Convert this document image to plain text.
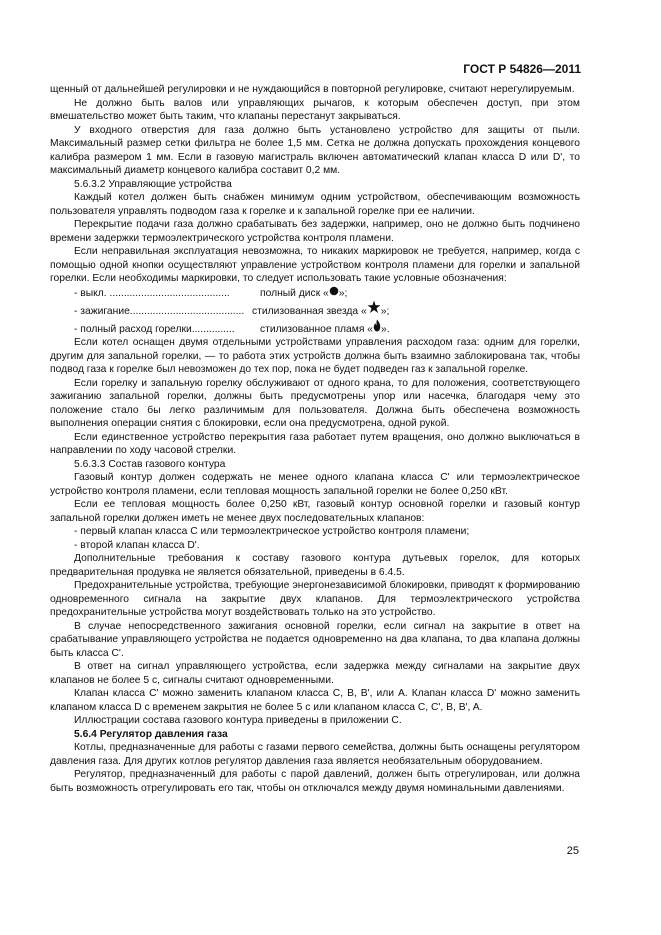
ГОСТ Р 54826—2011

щенный от дальнейшей регулировки и не нуждающийся в повторной регулировке, считают нерегулируемым.

Не должно быть валов или управляющих рычагов, к которым обеспечен доступ, при этом вмешательство может быть таким, что клапаны перестанут закрываться.

У входного отверстия для газа должно быть установлено устройство для защиты от пыли. Максимальный размер сетки фильтра не более 1,5 мм. Сетка не должна допускать прохождения концевого калибра размером 1 мм. Если в газовую магистраль включен автоматический клапан класса D или D', то максимальный диаметр концевого калибра составит 0,2 мм.

5.6.3.2 Управляющие устройства

Каждый котел должен быть снабжен минимум одним устройством, обеспечивающим возможность пользователя управлять подводом газа к горелке и к запальной горелке при ее наличии.

Перекрытие подачи газа должно срабатывать без задержки, например, оно не должно быть подчинено времени задержки термоэлектрического устройства контроля пламени.

Если неправильная эксплуатация невозможна, то никаких маркировок не требуется, например, когда с помощью одной кнопки осуществляют управление устройством контроля пламени для горелки и запальной горелки. Если необходимы маркировки, то следует использовать такие условные обозначения:

- выкл. ..........................................	полный диск « »;
- зажигание........................................ стилизованная звезда « »;
- полный расход горелки...............	стилизованное пламя « ».

Если котел оснащен двумя отдельными устройствами управления расходом газа: одним для горелки, другим для запальной горелки, — то работа этих устройств должна быть взаимно заблокирована так, чтобы подвод газа к горелке был невозможен до тех пор, пока не будет подведен газ к запальной горелке.

Если горелку и запальную горелку обслуживают от одного крана, то для положения, соответствующего зажиганию запальной горелки, должны быть предусмотрены упор или насечка, благодаря чему это положение стало бы легко различимым для пользователя. Должна быть обеспечена возможность выполнения операции снятия с блокировки, если она предусмотрена, одной рукой.

Если единственное устройство перекрытия газа работает путем вращения, оно должно выключаться в направлении по ходу часовой стрелки.

5.6.3.3 Состав газового контура

Газовый контур должен содержать не менее одного клапана класса C' или термоэлектрическое устройство контроля пламени, если тепловая мощность запальной горелки не более 0,250 кВт.

Если ее тепловая мощность более 0,250 кВт, газовый контур основной горелки и газовый контур запальной горелки должен иметь не менее двух последовательных клапанов:

- первый клапан класса C или термоэлектрическое устройство контроля пламени;

- второй клапан класса D'.

Дополнительные требования к составу газового контура дутьевых горелок, для которых предварительная продувка не является обязательной, приведены в 6.4.5.

Предохранительные устройства, требующие энергонезависимой блокировки, приводят к формированию одновременного сигнала на закрытие двух клапанов. Для термоэлектрического устройства предохранительные устройства могут воздействовать только на это устройство.

В случае непосредственного зажигания основной горелки, если сигнал на закрытие в ответ на срабатывание управляющего устройства не подается одновременно на два клапана, то два клапана должны быть класса C'.

В ответ на сигнал управляющего устройства, если задержка между сигналами на закрытие двух клапанов не более 5 с, сигналы считают одновременными.

Клапан класса C' можно заменить клапаном класса C, B, B', или A. Клапан класса D' можно заменить клапаном класса D с временем закрытия не более 5 с или клапаном класса C, C', B, B', A.

Иллюстрации состава газового контура приведены в приложении C.

5.6.4 Регулятор давления газа

Котлы, предназначенные для работы с газами первого семейства, должны быть оснащены регулятором давления газа. Для других котлов регулятор давления газа является необязательным оборудованием.

Регулятор, предназначенный для работы с парой давлений, должен быть отрегулирован, или должна быть возможность отрегулировать его так, чтобы он отключался между двумя номинальными давлениями.

25
